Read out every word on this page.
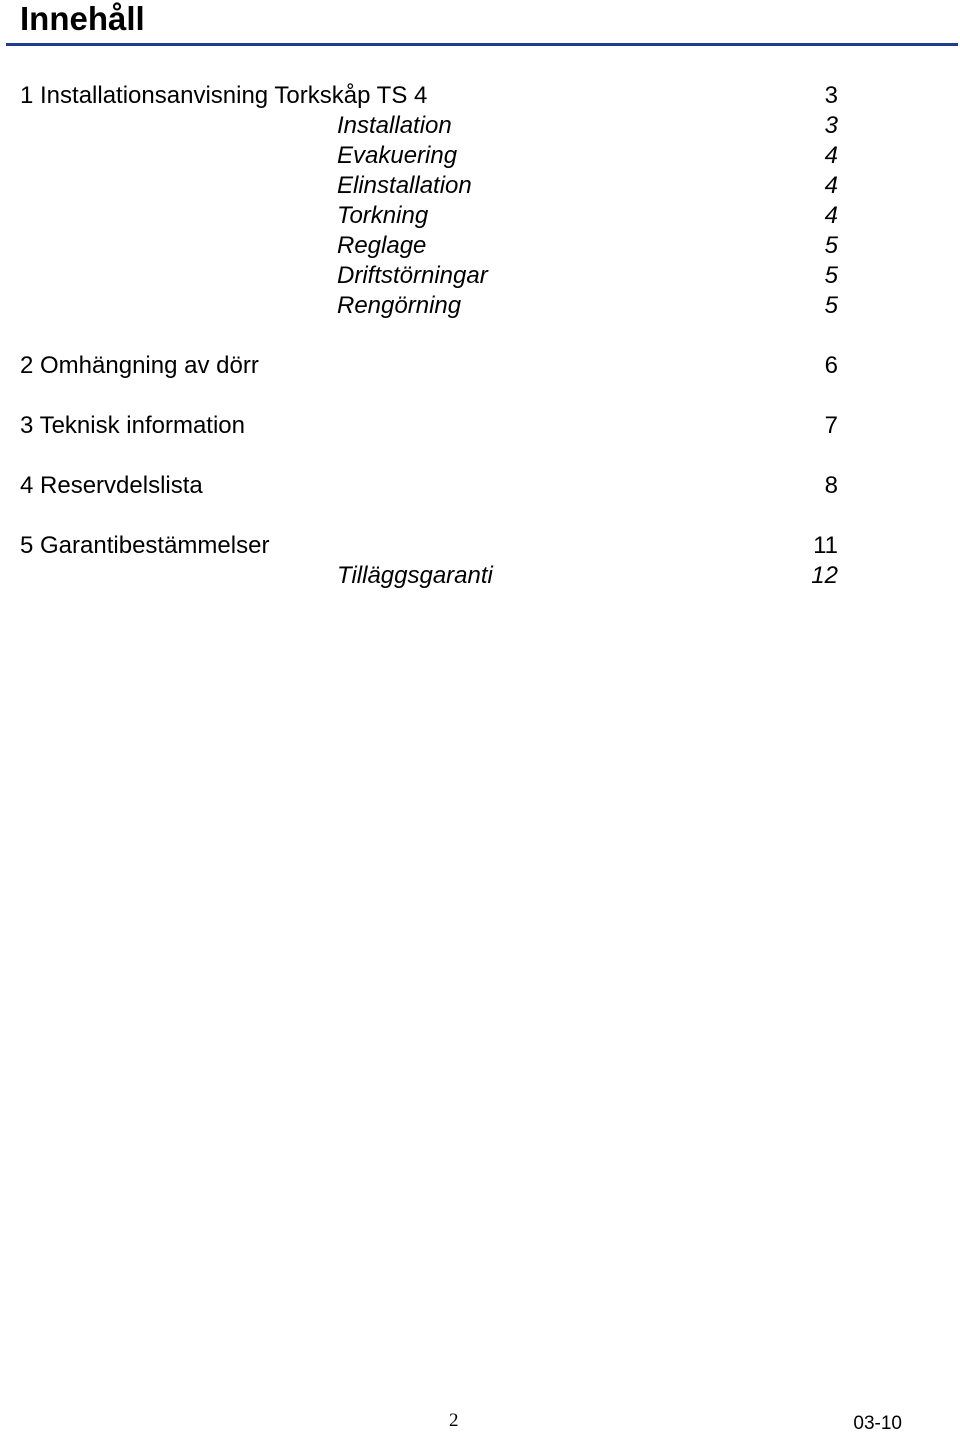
Innehåll
1 Installationsanvisning Torkskåp TS 4	3
Installation	3
Evakuering	4
Elinstallation	4
Torkning	4
Reglage	5
Driftstörningar	5
Rengörning	5
2 Omhängning av dörr	6
3 Teknisk information	7
4 Reservdelslista	8
5 Garantibestämmelser	11
Tilläggsgaranti	12
2	03-10
